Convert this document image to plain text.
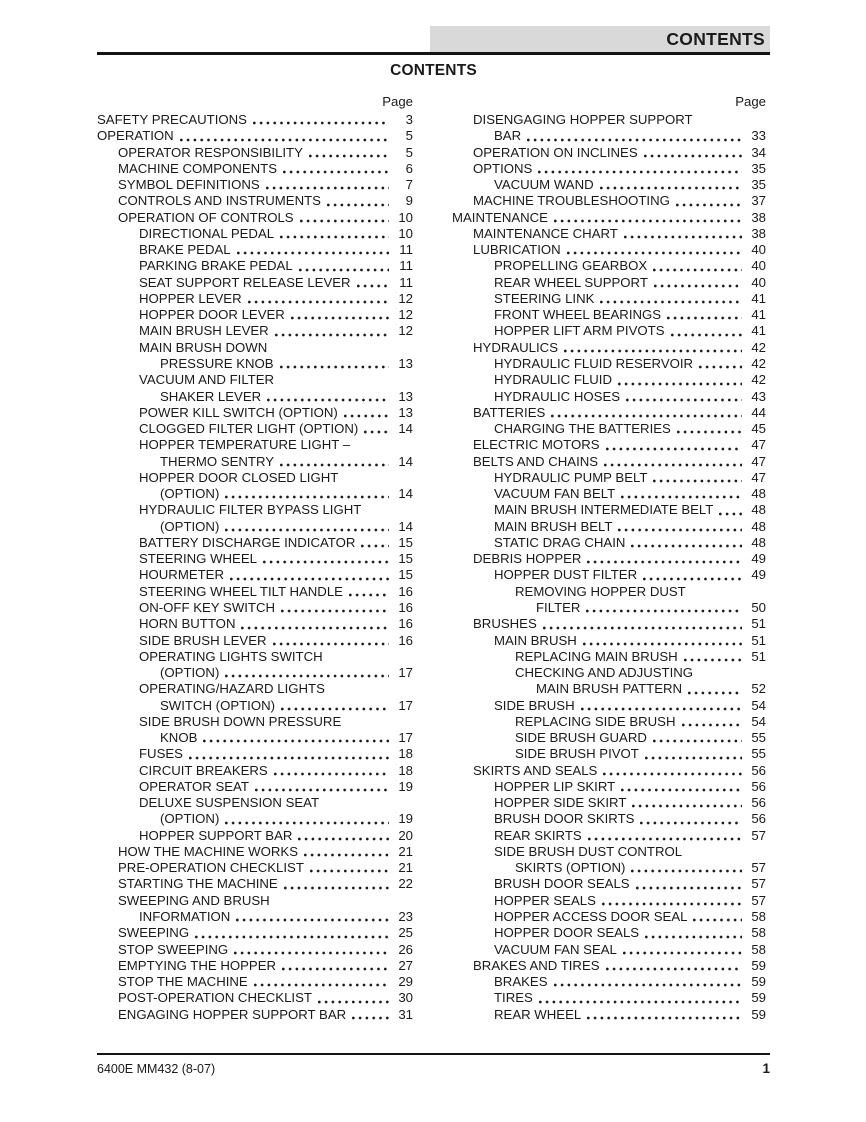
CONTENTS
CONTENTS
Page	Page
SAFETY PRECAUTIONS	3
OPERATION	5
OPERATOR RESPONSIBILITY	5
MACHINE COMPONENTS	6
SYMBOL DEFINITIONS	7
CONTROLS AND INSTRUMENTS	9
OPERATION OF CONTROLS	10
DIRECTIONAL PEDAL	10
BRAKE PEDAL	11
PARKING BRAKE PEDAL	11
SEAT SUPPORT RELEASE LEVER	11
HOPPER LEVER	12
HOPPER DOOR LEVER	12
MAIN BRUSH LEVER	12
MAIN BRUSH DOWN
PRESSURE KNOB	13
VACUUM AND FILTER
SHAKER LEVER	13
POWER KILL SWITCH (OPTION)	13
CLOGGED FILTER LIGHT (OPTION)	14
HOPPER TEMPERATURE LIGHT –
THERMO SENTRY	14
HOPPER DOOR CLOSED LIGHT
(OPTION)	14
HYDRAULIC FILTER BYPASS LIGHT
(OPTION)	14
BATTERY DISCHARGE INDICATOR	15
STEERING WHEEL	15
HOURMETER	15
STEERING WHEEL TILT HANDLE	16
ON-OFF KEY SWITCH	16
HORN BUTTON	16
SIDE BRUSH LEVER	16
OPERATING LIGHTS SWITCH
(OPTION)	17
OPERATING/HAZARD LIGHTS
SWITCH (OPTION)	17
SIDE BRUSH DOWN PRESSURE
KNOB	17
FUSES	18
CIRCUIT BREAKERS	18
OPERATOR SEAT	19
DELUXE SUSPENSION SEAT
(OPTION)	19
HOPPER SUPPORT BAR	20
HOW THE MACHINE WORKS	21
PRE-OPERATION CHECKLIST	21
STARTING THE MACHINE	22
SWEEPING AND BRUSH
INFORMATION	23
SWEEPING	25
STOP SWEEPING	26
EMPTYING THE HOPPER	27
STOP THE MACHINE	29
POST-OPERATION CHECKLIST	30
ENGAGING HOPPER SUPPORT BAR	31
DISENGAGING HOPPER SUPPORT
BAR	33
OPERATION ON INCLINES	34
OPTIONS	35
VACUUM WAND	35
MACHINE TROUBLESHOOTING	37
MAINTENANCE	38
MAINTENANCE CHART	38
LUBRICATION	40
PROPELLING GEARBOX	40
REAR WHEEL SUPPORT	40
STEERING LINK	41
FRONT WHEEL BEARINGS	41
HOPPER LIFT ARM PIVOTS	41
HYDRAULICS	42
HYDRAULIC FLUID RESERVOIR	42
HYDRAULIC FLUID	42
HYDRAULIC HOSES	43
BATTERIES	44
CHARGING THE BATTERIES	45
ELECTRIC MOTORS	47
BELTS AND CHAINS	47
HYDRAULIC PUMP BELT	47
VACUUM FAN BELT	48
MAIN BRUSH INTERMEDIATE BELT	48
MAIN BRUSH BELT	48
STATIC DRAG CHAIN	48
DEBRIS HOPPER	49
HOPPER DUST FILTER	49
REMOVING HOPPER DUST
FILTER	50
BRUSHES	51
MAIN BRUSH	51
REPLACING MAIN BRUSH	51
CHECKING AND ADJUSTING
MAIN BRUSH PATTERN	52
SIDE BRUSH	54
REPLACING SIDE BRUSH	54
SIDE BRUSH GUARD	55
SIDE BRUSH PIVOT	55
SKIRTS AND SEALS	56
HOPPER LIP SKIRT	56
HOPPER SIDE SKIRT	56
BRUSH DOOR SKIRTS	56
REAR SKIRTS	57
SIDE BRUSH DUST CONTROL
SKIRTS (OPTION)	57
BRUSH DOOR SEALS	57
HOPPER SEALS	57
HOPPER ACCESS DOOR SEAL	58
HOPPER DOOR SEALS	58
VACUUM FAN SEAL	58
BRAKES AND TIRES	59
BRAKES	59
TIRES	59
REAR WHEEL	59
6400E MM432 (8-07)	1
